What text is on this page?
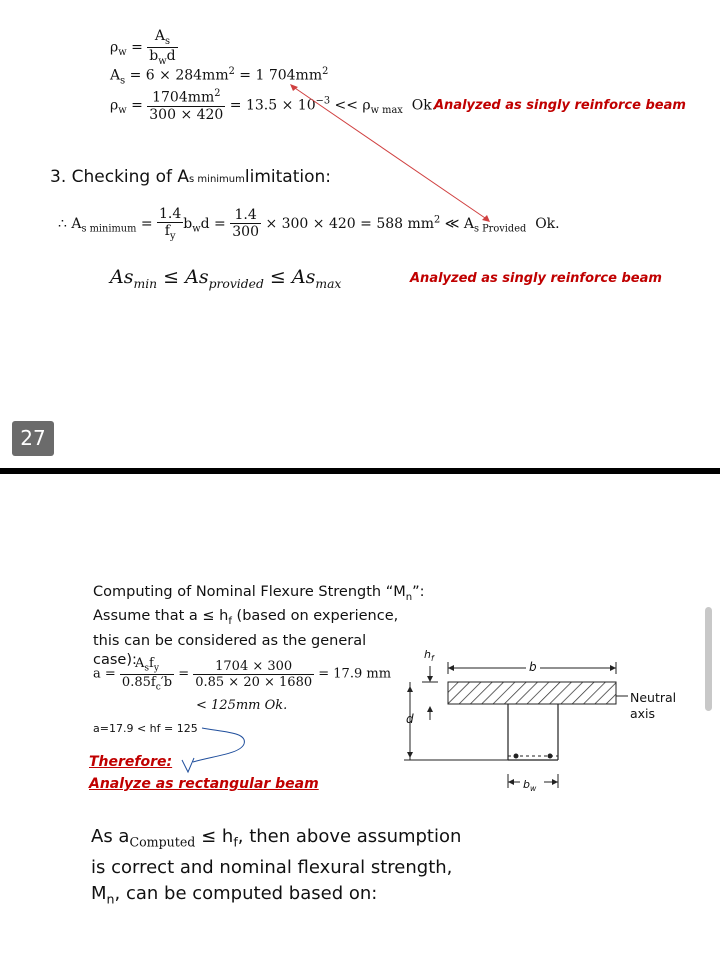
$\rho_w = \frac{A_s}{b_wd}$
$A_s = 6 \times 284mm^2 = 1$ $704mm^2$
$\rho_w = \frac{1704mm^2}{300 \times 420} = 13.5 \times 10^{-3} << \rho_{w max}$ Ok.
Analyzed as singly reinforce beam
3. Checking of As minimumlimitation:
∴ $A_{s minimum} = \frac{1.4}{f_y} b_wd = \frac{1.4}{300} \times 300 \times 420 = 588$ $mm^2$ ≪ $A_{s Provided}$ Ok.
$As_{min} \le As_{provided} \le As_{max}$	Analyzed as singly reinforce beam
27
Computing of Nominal Flexure Strength “$M_n$”:
Assume that $a \le h_f$ (based on experience,
this can be considered as the general
case):
$a = \frac{A_sf_y}{0.85f_c'b} = \frac{1704 \times 300}{0.85 \times 20 \times 1680} = 17.9$ mm
< 125mm Ok.
a=17.9 < hf = 125
Therefore:
Analyze as rectangular beam
$h_f$
b
d
$b_w$
Neutral
axis
As $a_{Computed} \le h_f$, then above assumption
is correct and nominal flexural strength,
$M_n$, can be computed based on:
